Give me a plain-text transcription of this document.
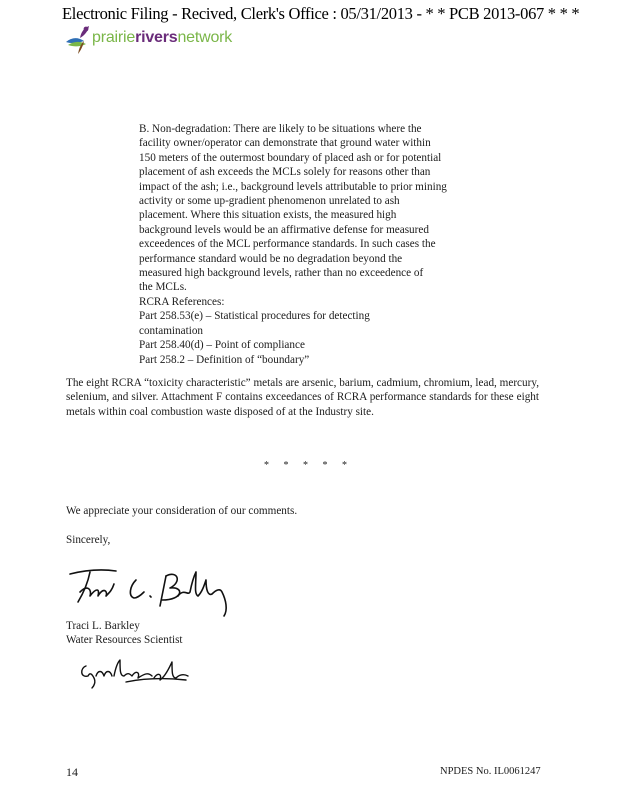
Electronic Filing - Recived, Clerk's Office : 05/31/2013 - * * PCB 2013-067 * * *
prairieriversnetwork

B. Non-degradation: There are likely to be situations where the

facility owner/operator can demonstrate that ground water within

150 meters of the outermost boundary of placed ash or for potential

placement of ash exceeds the MCLs solely for reasons other than

impact of the ash; i.e., background levels attributable to prior mining

activity or some up-gradient phenomenon unrelated to ash

placement. Where this situation exists, the measured high

background levels would be an affirmative defense for measured

exceedences of the MCL performance standards. In such cases the

performance standard would be no degradation beyond the

measured high background levels, rather than no exceedence of

the MCLs.

RCRA References:

Part 258.53(e) – Statistical procedures for detecting

contamination

Part 258.40(d) – Point of compliance

Part 258.2 – Definition of “boundary”

The eight RCRA “toxicity characteristic” metals are arsenic, barium, cadmium, chromium, lead, mercury, selenium, and silver. Attachment F contains exceedances of RCRA performance standards for these eight metals within coal combustion waste disposed of at the Industry site.

* * * * *

We appreciate your consideration of our comments.

Sincerely,

Traci L. Barkley

Water Resources Scientist

14	NPDES No. IL0061247
